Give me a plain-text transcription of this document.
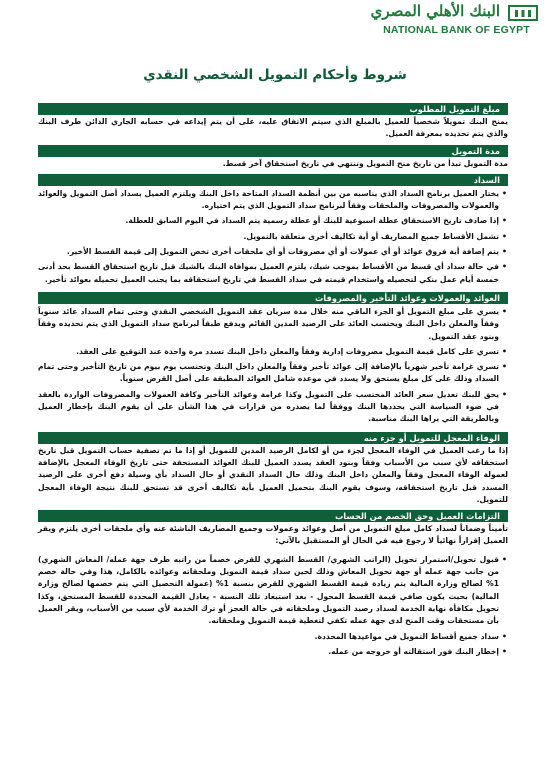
البنك الأهلي المصري
NATIONAL BANK OF EGYPT
شروط وأحكام التمويل الشخصي النقدي
مبلغ التمويل المطلوب

يمنح البنك تمويلاً شخصياً للعميل بالمبلغ الذي سيتم الاتفاق عليه، على أن يتم إيداعه في حسابه الجاري الدائن طرف البنك والذي يتم تحديده بمعرفة العميل.

مدة التمويل

مدة التمويل تبدأ من تاريخ منح التمويل وتنتهي في تاريخ استحقاق آخر قسط.

السداد
• يختار العميل برنامج السداد الذي يناسبه من بين أنظمة السداد المتاحة داخل البنك ويلتزم العميل بسداد أصل التمويل والعوائد والعمولات والمصروفات والملحقات وفقاً لبرنامج سداد التمويل الذي يتم اختياره.
• إذا صادف تاريخ الاستحقاق عطلة اسبوعية للبنك أو عطلة رسمية يتم السداد في اليوم السابق للعطلة.
• تشمل الأقساط جميع المصاريف أو أية تكاليف أخرى متعلقة بالتمويل.
• يتم إضافة أية فروق عوائد أو أي عمولات أو أي مصروفات أو أي ملحقات أخرى تخص التمويل إلى قيمة القسط الأخير.
• في حالة سداد أي قسط من الأقساط بموجب شيك، يلتزم العميل بموافاة البنك بالشيك قبل تاريخ استحقاق القسط بحد أدنى خمسة أيام عمل بنكي لتحصيله واستخدام قيمته في سداد القسط في تاريخ استحقاقه بما يجنب العميل تحميله بعوائد تأخير.
العوائد والعمولات وعوائد التأخير والمصروفات
• يسري على مبلغ التمويل أو الجزء الباقي منه خلال مدة سريان عقد التمويل الشخصي النقدي وحتى تمام السداد عائد سنوياً وفقاً والمعلن داخل البنك ويحتسب العائد على الرصيد المدين القائم ويدفع طبقاً لبرنامج سداد التمويل الذي يتم تحديده وفقاً وبنود عقد التمويل.
• تسري على كامل قيمة التمويل مصروفات إدارية وفقاً والمعلن داخل البنك تسدد مرة واحدة عند التوقيع على العقد.
• تسري غرامة تأخير شهرياً بالإضافة إلى عوائد تأخير وفقاً والمعلن داخل البنك وتحتسب يوم بيوم من تاريخ التأخير وحتى تمام السداد وذلك على كل مبلغ يستحق ولا يسدد في موعده شامل العوائد المطبقة على أصل القرض سنوياً.
• يحق للبنك تعديل سعر العائد المحتسب على التمويل وكذا غرامة وعوائد التأخير وكافة العمولات والمصروفات الواردة بالعقد في ضوء السياسة التي يحددها البنك ووفقاً لما يصدره من قرارات في هذا الشأن على أن يقوم البنك بإخطار العميل وبالطريقة التي يراها البنك مناسبة.
الوفاء المعجل للتمويل أو جزء منه

إذا ما رغب العميل في الوفاء المعجل لجزء من أو لكامل الرصيد المدين للتمويل أو إذا ما تم تصفية حساب التمويل قبل تاريخ استحقاقه لأي سبب من الأسباب وفقاً وبنود العقد يسدد العميل للبنك العوائد المستحقة حتى تاريخ الوفاء المعجل بالإضافة لعمولة الوفاء المعجل وفقاً والمعلن داخل البنك وذلك حال السداد النقدي أو حال السداد بأي وسيلة دفع أخرى على الرصيد المسدد قبل تاريخ استحقاقه، وسوف يقوم البنك بتحميل العميل بأية تكاليف أخرى قد تستحق للبنك نتيجة الوفاء المعجل للتمويل.

التزامات العميل وحق الخصم من الحساب

تأميناً وضماناً لسداد كامل مبلغ التمويل من أصل وعوائد وعمولات وجميع المصاريف الناشئة عنه وأي ملحقات أخرى يلتزم ويقر العميل إقراراً نهائياً لا رجوع فيه في الحال أو المستقبل بالآتي:

• قبول تحويل/استمرار تحويل (الراتب الشهري/ القسط الشهري للقرض خصماً من راتبه طرف جهة عمله/ المعاش الشهري) من جانب جهة عمله أو جهة تحويل المعاش وذلك لحين سداد قيمة التمويل وملحقاته وعوائده بالكامل، هذا وفي حالة خصم 1% لصالح وزارة المالية يتم زيادة قيمة القسط الشهري للقرض بنسبة 1% (عمولة التحصيل التي يتم خصمها لصالح وزارة المالية) بحيث يكون صافي قيمة القسط المحول - بعد استبعاد تلك النسبة - يعادل القيمة المحددة للقسط المستحق، وكذا تحويل مكافأة نهاية الخدمة لسداد رصيد التمويل وملحقاته في حالة العجز أو ترك الخدمة لأي سبب من الأسباب، ويقر العميل بأن مستحقات وقت المنح لدى جهة عمله تكفي لتغطية قيمة التمويل وملحقاته.
• سداد جميع أقساط التمويل في مواعيدها المحددة.
• إخطار البنك فور استقالته أو خروجه من عمله.
